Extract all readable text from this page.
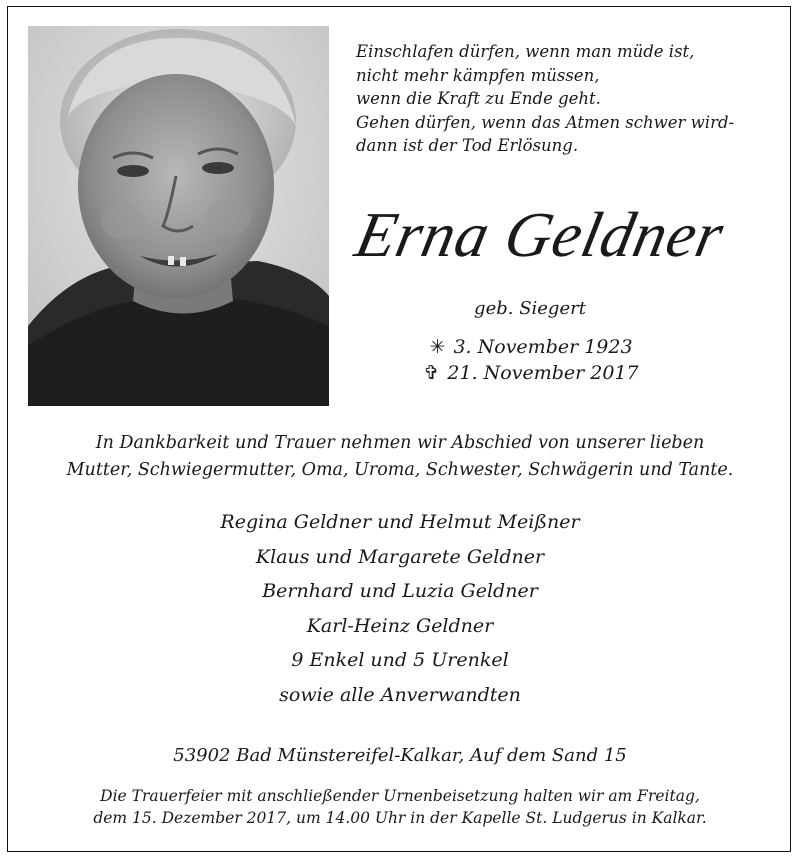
Einschlafen dürfen, wenn man müde ist,
nicht mehr kämpfen müssen,
wenn die Kraft zu Ende geht.
Gehen dürfen, wenn das Atmen schwer wird-
dann ist der Tod Erlösung.
Erna Geldner
geb. Siegert
✳ 3. November 1923
✞ 21. November 2017
In Dankbarkeit und Trauer nehmen wir Abschied von unserer lieben
Mutter, Schwiegermutter, Oma, Uroma, Schwester, Schwägerin und Tante.
Regina Geldner und Helmut Meißner
Klaus und Margarete Geldner
Bernhard und Luzia Geldner
Karl-Heinz Geldner
9 Enkel und 5 Urenkel
sowie alle Anverwandten
53902 Bad Münstereifel-Kalkar, Auf dem Sand 15
Die Trauerfeier mit anschließender Urnenbeisetzung halten wir am Freitag,
dem 15. Dezember 2017, um 14.00 Uhr in der Kapelle St. Ludgerus in Kalkar.
